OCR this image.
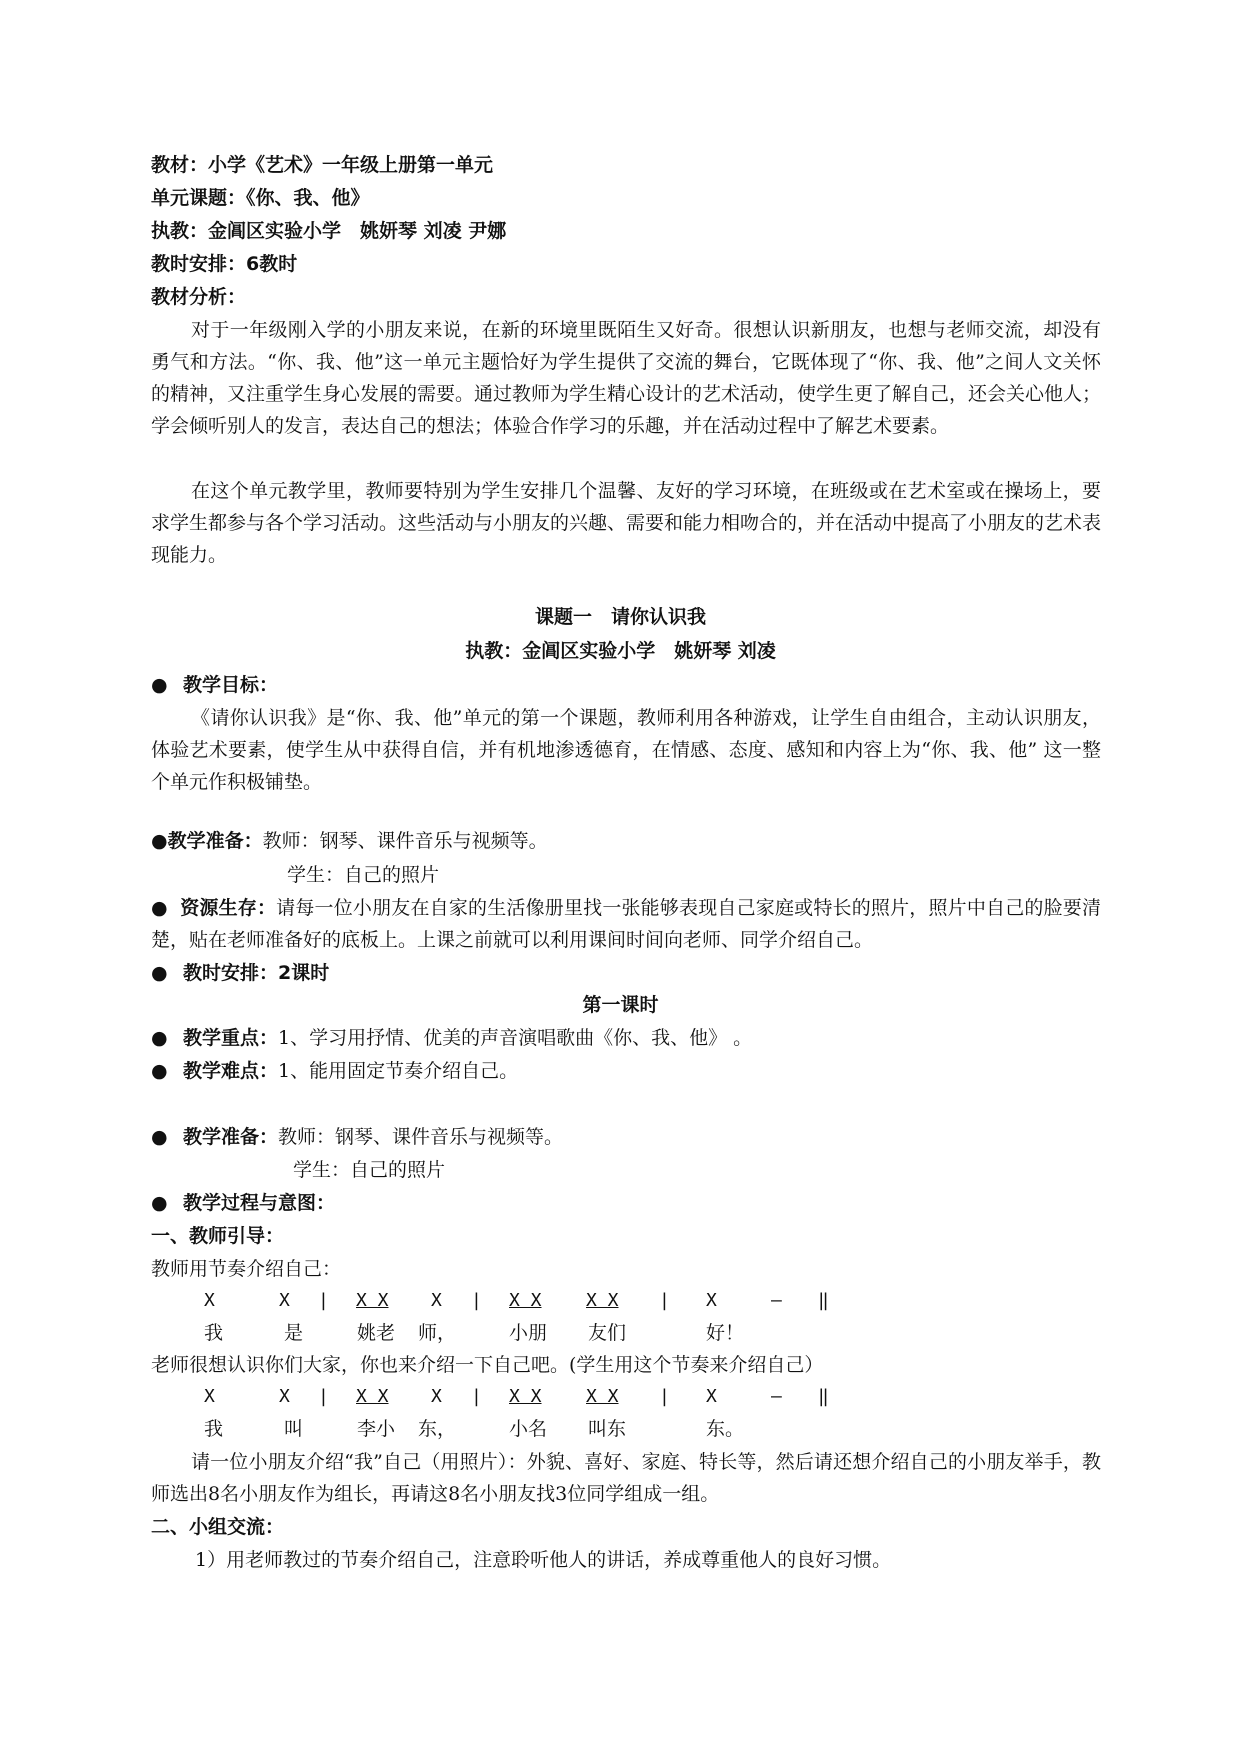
教材：小学《艺术》一年级上册第一单元
单元课题：《你、我、他》
执教：金阊区实验小学　姚妍琴 刘凌 尹娜
教时安排：6教时
教材分析：
对于一年级刚入学的小朋友来说，在新的环境里既陌生又好奇。很想认识新朋友，也想与老师交流，却没有勇气和方法。“你、我、他”这一单元主题恰好为学生提供了交流的舞台，它既体现了“你、我、他”之间人文关怀的精神，又注重学生身心发展的需要。通过教师为学生精心设计的艺术活动，使学生更了解自己，还会关心他人；学会倾听别人的发言，表达自己的想法；体验合作学习的乐趣，并在活动过程中了解艺术要素。
在这个单元教学里，教师要特别为学生安排几个温馨、友好的学习环境，在班级或在艺术室或在操场上，要求学生都参与各个学习活动。这些活动与小朋友的兴趣、需要和能力相吻合的，并在活动中提高了小朋友的艺术表现能力。
课题一　请你认识我
执教：金阊区实验小学　姚妍琴 刘凌
● 教学目标：
《请你认识我》是“你、我、他”单元的第一个课题，教师利用各种游戏，让学生自由组合，主动认识朋友，体验艺术要素，使学生从中获得自信，并有机地渗透德育，在情感、态度、感知和内容上为“你、我、他” 这一整个单元作积极铺垫。
●教学准备：教师：钢琴、课件音乐与视频等。
学生：自己的照片
● 资源生存：请每一位小朋友在自家的生活像册里找一张能够表现自己家庭或特长的照片，照片中自己的脸要清楚，贴在老师准备好的底板上。上课之前就可以利用课间时间向老师、同学介绍自己。
● 教时安排：2课时
第一课时
● 教学重点：1、学习用抒情、优美的声音演唱歌曲《你、我、他》 。
● 教学难点：1、能用固定节奏介绍自己。
● 教学准备：教师：钢琴、课件音乐与视频等。
学生：自己的照片
● 教学过程与意图：
一、教师引导：
教师用节奏介绍自己：
X	X | X X X | X X X X | X	— ‖
我	是	姚老 师，	小朋 友们	好！
老师很想认识你们大家，你也来介绍一下自己吧。(学生用这个节奏来介绍自己）
X	X | X X X | X X X X | X	— ‖
我	叫	李小 东，	小名 叫东	东。
请一位小朋友介绍“我”自己（用照片）：外貌、喜好、家庭、特长等，然后请还想介绍自己的小朋友举手，教师选出8名小朋友作为组长，再请这8名小朋友找3位同学组成一组。
二、小组交流：
1）用老师教过的节奏介绍自己，注意聆听他人的讲话，养成尊重他人的良好习惯。
